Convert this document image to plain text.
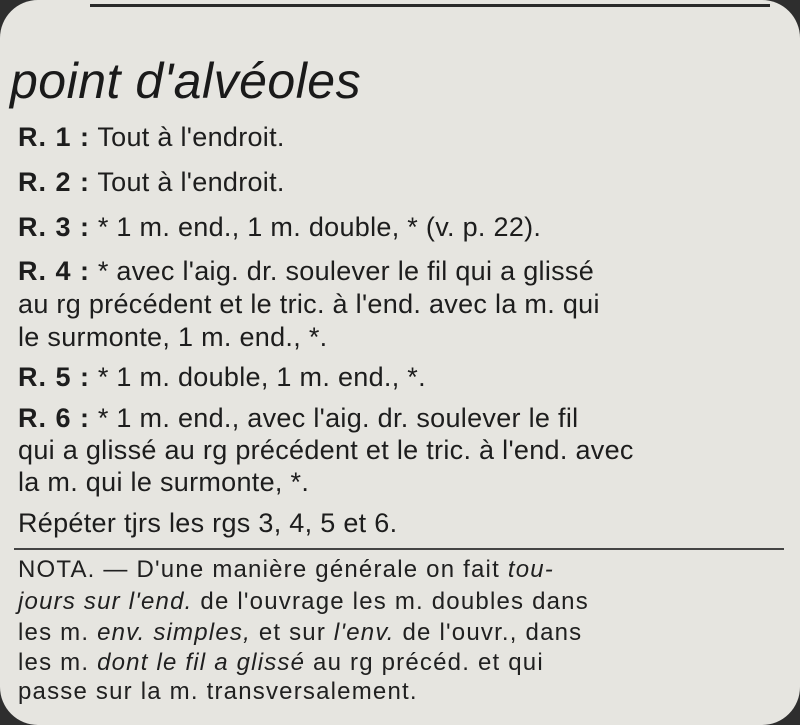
point d'alvéoles
R. 1 : Tout à l'endroit.
R. 2 : Tout à l'endroit.
R. 3 : * 1 m. end., 1 m. double, * (v. p. 22).
R. 4 : * avec l'aig. dr. soulever le fil qui a glissé
au rg précédent et le tric. à l'end. avec la m. qui
le surmonte, 1 m. end., *.
R. 5 : * 1 m. double, 1 m. end., *.
R. 6 : * 1 m. end., avec l'aig. dr. soulever le fil
qui a glissé au rg précédent et le tric. à l'end. avec
la m. qui le surmonte, *.
Répéter tjrs les rgs 3, 4, 5 et 6.
NOTA. — D'une manière générale on fait tou-
jours sur l'end. de l'ouvrage les m. doubles dans
les m. env. simples, et sur l'env. de l'ouvr., dans
les m. dont le fil a glissé au rg précéd. et qui
passe sur la m. transversalement.
